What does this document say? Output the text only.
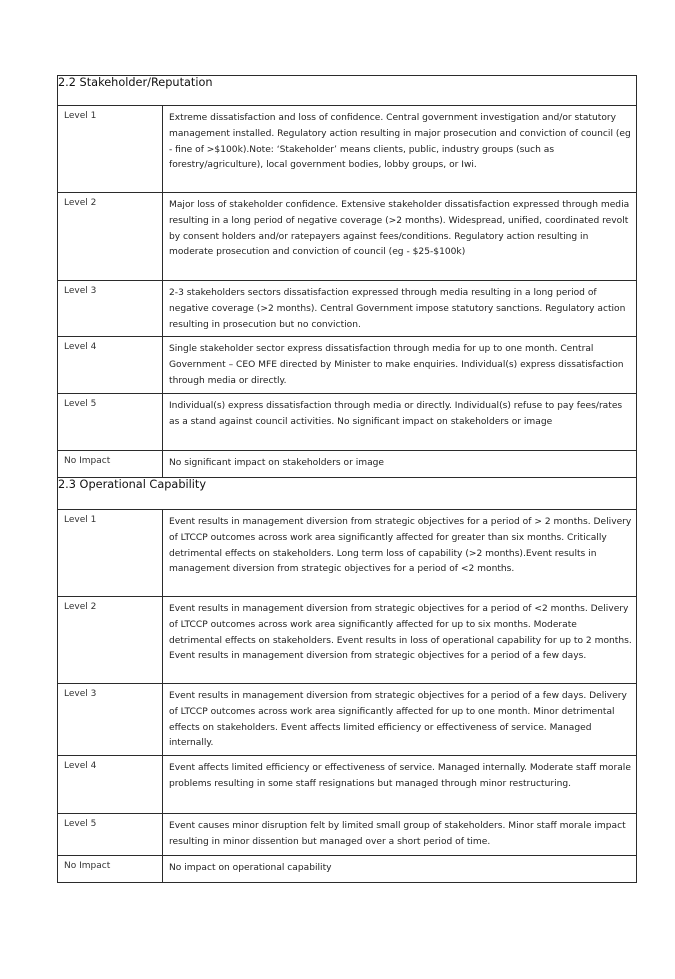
2.2 Stakeholder/Reputation	
Level 1	Extreme dissatisfaction and loss of confidence. Central government investigation and/or statutory management installed. Regulatory action resulting in major prosecution and conviction of council (eg - fine of >$100k).Note: ‘Stakeholder’ means clients, public, industry groups (such as forestry/agriculture), local government bodies, lobby groups, or Iwi.
Level 2	Major loss of stakeholder confidence. Extensive stakeholder dissatisfaction expressed through media resulting in a long period of negative coverage (>2 months). Widespread, unified, coordinated revolt by consent holders and/or ratepayers against fees/conditions. Regulatory action resulting in moderate prosecution and conviction of council (eg - $25-$100k)
Level 3	2-3 stakeholders sectors dissatisfaction expressed through media resulting in a long period of negative coverage (>2 months). Central Government impose statutory sanctions. Regulatory action resulting in prosecution but no conviction.
Level 4	Single stakeholder sector express dissatisfaction through media for up to one month. Central Government – CEO MFE directed by Minister to make enquiries. Individual(s) express dissatisfaction through media or directly.
Level 5	Individual(s) express dissatisfaction through media or directly. Individual(s) refuse to pay fees/rates as a stand against council activities. No significant impact on stakeholders or image
No Impact	No significant impact on stakeholders or image
2.3 Operational Capability	
Level 1	Event results in management diversion from strategic objectives for a period of > 2 months. Delivery of LTCCP outcomes across work area significantly affected for greater than six months. Critically detrimental effects on stakeholders. Long term loss of capability (>2 months).Event results in management diversion from strategic objectives for a period of <2 months.
Level 2	Event results in management diversion from strategic objectives for a period of <2 months. Delivery of LTCCP outcomes across work area significantly affected for up to six months. Moderate detrimental effects on stakeholders. Event results in loss of operational capability for up to 2 months. Event results in management diversion from strategic objectives for a period of a few days.
Level 3	Event results in management diversion from strategic objectives for a period of a few days. Delivery of LTCCP outcomes across work area significantly affected for up to one month. Minor detrimental effects on stakeholders. Event affects limited efficiency or effectiveness of service. Managed internally.
Level 4	Event affects limited efficiency or effectiveness of service. Managed internally. Moderate staff morale problems resulting in some staff resignations but managed through minor restructuring.
Level 5	Event causes minor disruption felt by limited small group of stakeholders. Minor staff morale impact resulting in minor dissention but managed over a short period of time.
No Impact	No impact on operational capability
